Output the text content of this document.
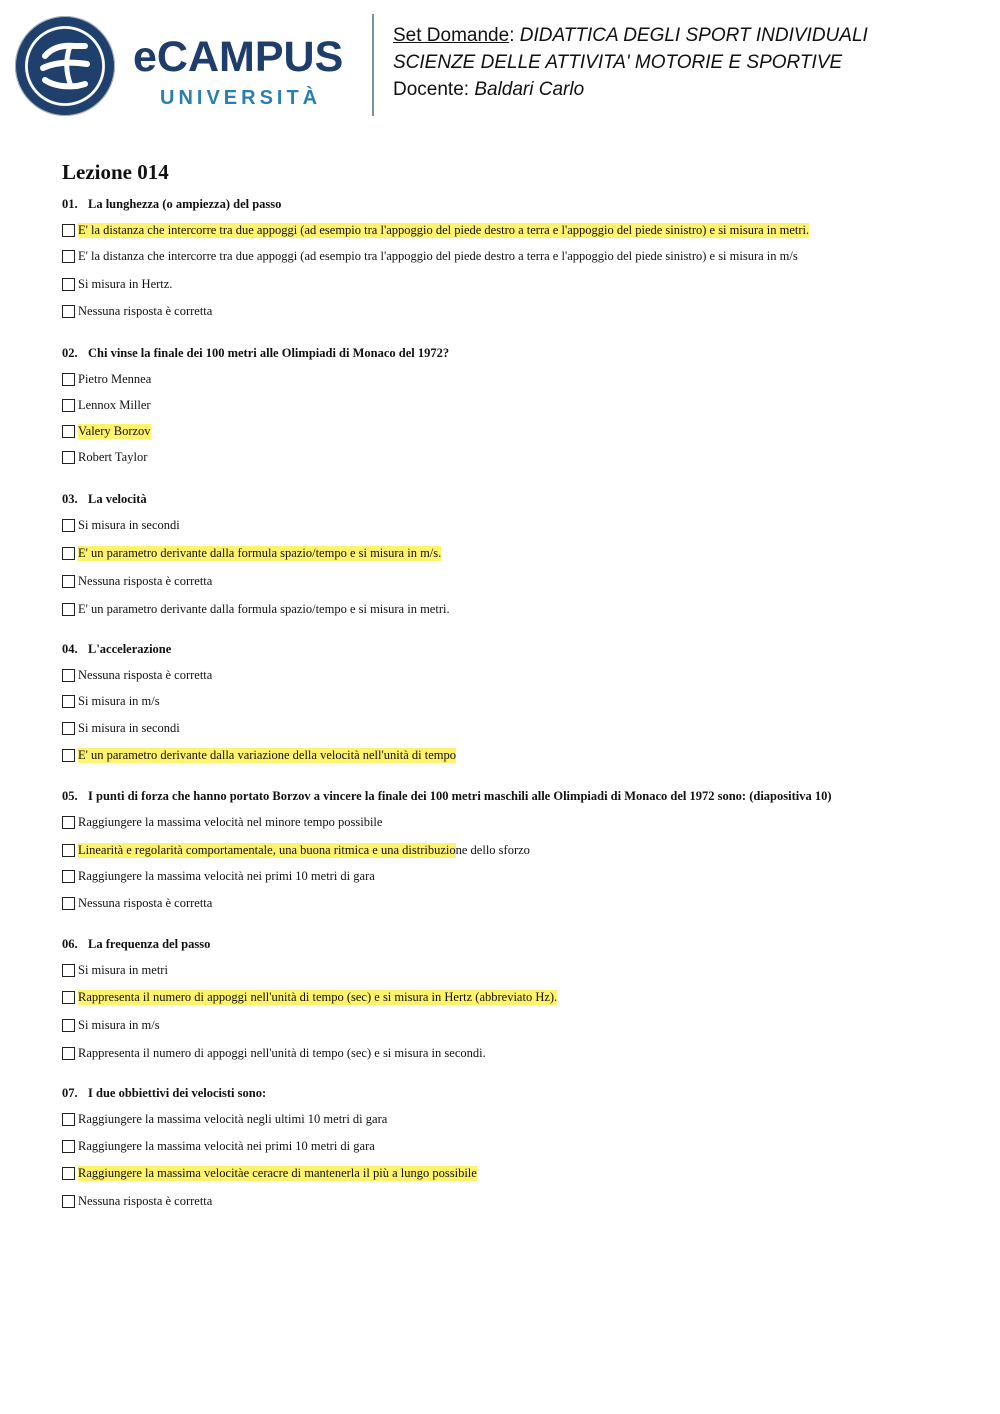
eCAMPUS
UNIVERSITÀ
Set Domande: DIDATTICA DEGLI SPORT INDIVIDUALI
SCIENZE DELLE ATTIVITA' MOTORIE E SPORTIVE
Docente: Baldari Carlo
Lezione 014
01. La lunghezza (o ampiezza) del passo
E' la distanza che intercorre tra due appoggi (ad esempio tra l'appoggio del piede destro a terra e l'appoggio del piede sinistro) e si misura in metri.
E' la distanza che intercorre tra due appoggi (ad esempio tra l'appoggio del piede destro a terra e l'appoggio del piede sinistro) e si misura in m/s
Si misura in Hertz.
Nessuna risposta è corretta
02. Chi vinse la finale dei 100 metri alle Olimpiadi di Monaco del 1972?
Pietro Mennea
Lennox Miller
Valery Borzov
Robert Taylor
03. La velocità
Si misura in secondi
E' un parametro derivante dalla formula spazio/tempo e si misura in m/s.
Nessuna risposta è corretta
E' un parametro derivante dalla formula spazio/tempo e si misura in metri.
04. L'accelerazione
Nessuna risposta è corretta
Si misura in m/s
Si misura in secondi
E' un parametro derivante dalla variazione della velocità nell'unità di tempo
05. I punti di forza che hanno portato Borzov a vincere la finale dei 100 metri maschili alle Olimpiadi di Monaco del 1972 sono: (diapositiva 10)
Raggiungere la massima velocità nel minore tempo possibile
Linearità e regolarità comportamentale, una buona ritmica e una distribuzio ne dello sforzo
Raggiungere la massima velocità nei primi 10 metri di gara
Nessuna risposta è corretta
06. La frequenza del passo
Si misura in metri
Rappresenta il numero di appoggi nell'unità di tempo (sec) e si misura in Hertz (abbreviato Hz).
Si misura in m/s
Rappresenta il numero di appoggi nell'unità di tempo (sec) e si misura in secondi.
07. I due obbiettivi dei velocisti sono:
Raggiungere la massima velocità negli ultimi 10 metri di gara
Raggiungere la massima velocità nei primi 10 metri di gara
Raggiungere la massima velocitàe ceracre di mantenerla il più a lungo possibile
Nessuna risposta è corretta
